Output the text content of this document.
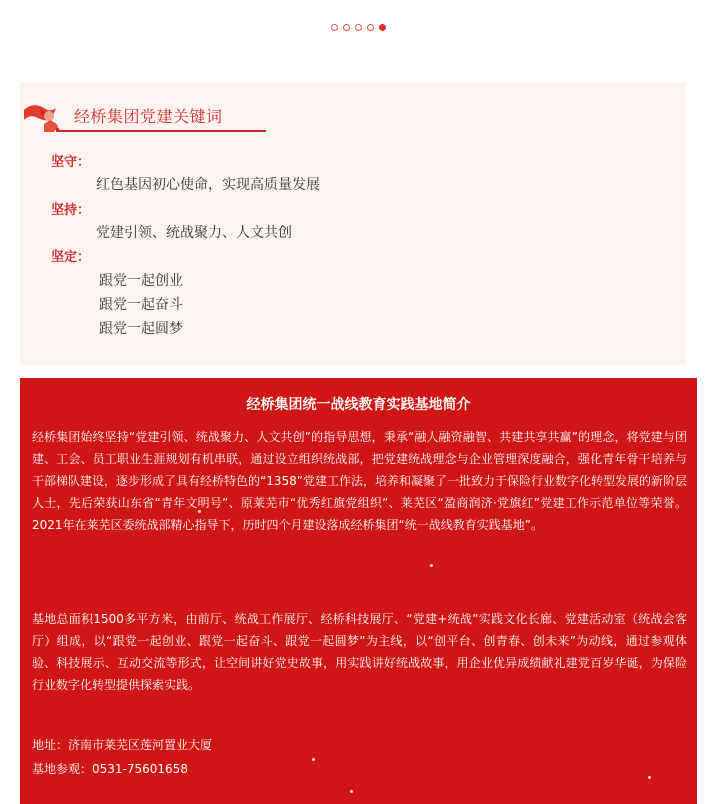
经桥集团党建关键词
坚守：
红色基因初心使命，实现高质量发展
坚持：
党建引领、统战聚力、人文共创
坚定：
跟党一起创业
跟党一起奋斗
跟党一起圆梦
经桥集团统一战线教育实践基地简介

经桥集团始终坚持“党建引领、统战聚力、人文共创”的指导思想，秉承“融人融资融智、共建共享共赢”的理念，将党建与团建、工会、员工职业生涯规划有机串联，通过设立组织统战部，把党建统战理念与企业管理深度融合，强化青年骨干培养与干部梯队建设，逐步形成了具有经桥特色的“1358”党建工作法，培养和凝聚了一批致力于保险行业数字化转型发展的新阶层人士，先后荣获山东省“青年文明号”、原莱芜市“优秀红旗党组织”、莱芜区“盈商润济·党旗红”党建工作示范单位等荣誉。2021年在莱芜区委统战部精心指导下，历时四个月建设落成经桥集团“统一战线教育实践基地”。

基地总面积1500多平方米，由前厅、统战工作展厅、经桥科技展厅、“党建+统战”实践文化长廊、党建活动室（统战会客厅）组成，以“跟党一起创业、跟党一起奋斗、跟党一起圆梦”为主线，以“创平台、创青春、创未来”为动线，通过参观体验、科技展示、互动交流等形式，让空间讲好党史故事，用实践讲好统战故事，用企业优异成绩献礼建党百岁华诞，为保险行业数字化转型提供探索实践。

地址：济南市莱芜区莲河置业大厦
基地参观：0531-75601658
